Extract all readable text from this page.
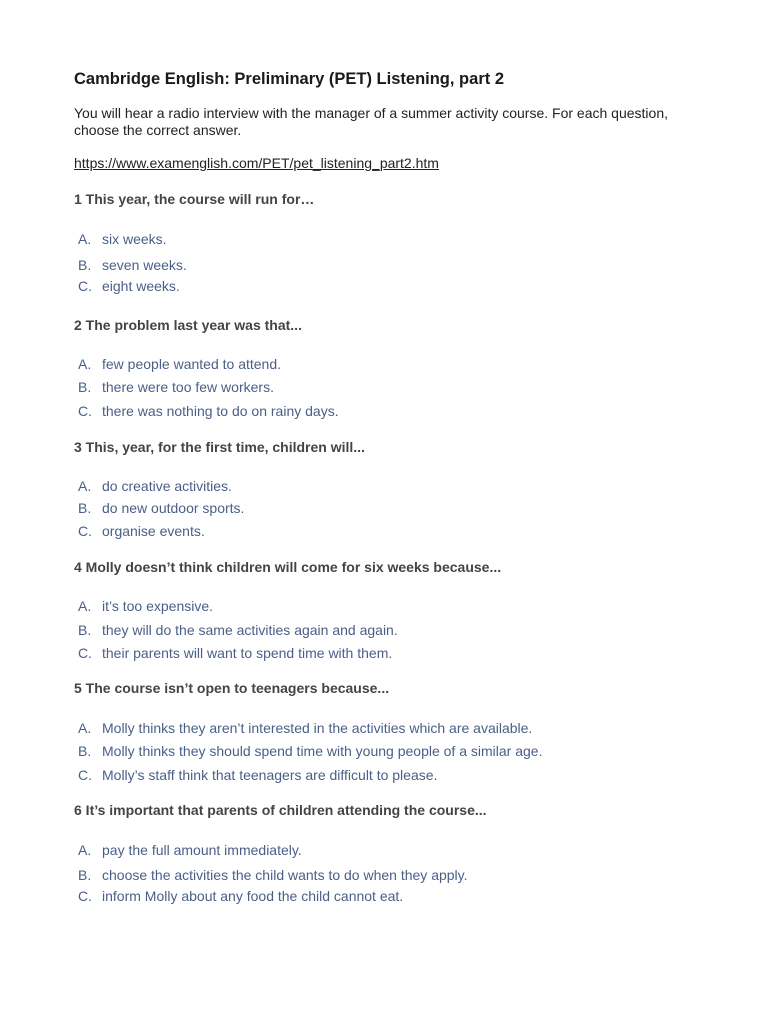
Cambridge English: Preliminary (PET) Listening, part 2

You will hear a radio interview with the manager of a summer activity course. For each question, choose the correct answer.

https://www.examenglish.com/PET/pet_listening_part2.htm

1 This year, the course will run for…

A. six weeks.
B. seven weeks.
C. eight weeks.

2 The problem last year was that...

A. few people wanted to attend.
B. there were too few workers.
C. there was nothing to do on rainy days.

3 This, year, for the first time, children will...

A. do creative activities.
B. do new outdoor sports.
C. organise events.

4 Molly doesn’t think children will come for six weeks because...

A. it’s too expensive.
B. they will do the same activities again and again.
C. their parents will want to spend time with them.

5 The course isn’t open to teenagers because...

A. Molly thinks they aren’t interested in the activities which are available.
B. Molly thinks they should spend time with young people of a similar age.
C. Molly’s staff think that teenagers are difficult to please.

6 It’s important that parents of children attending the course...

A. pay the full amount immediately.
B. choose the activities the child wants to do when they apply.
C. inform Molly about any food the child cannot eat.
